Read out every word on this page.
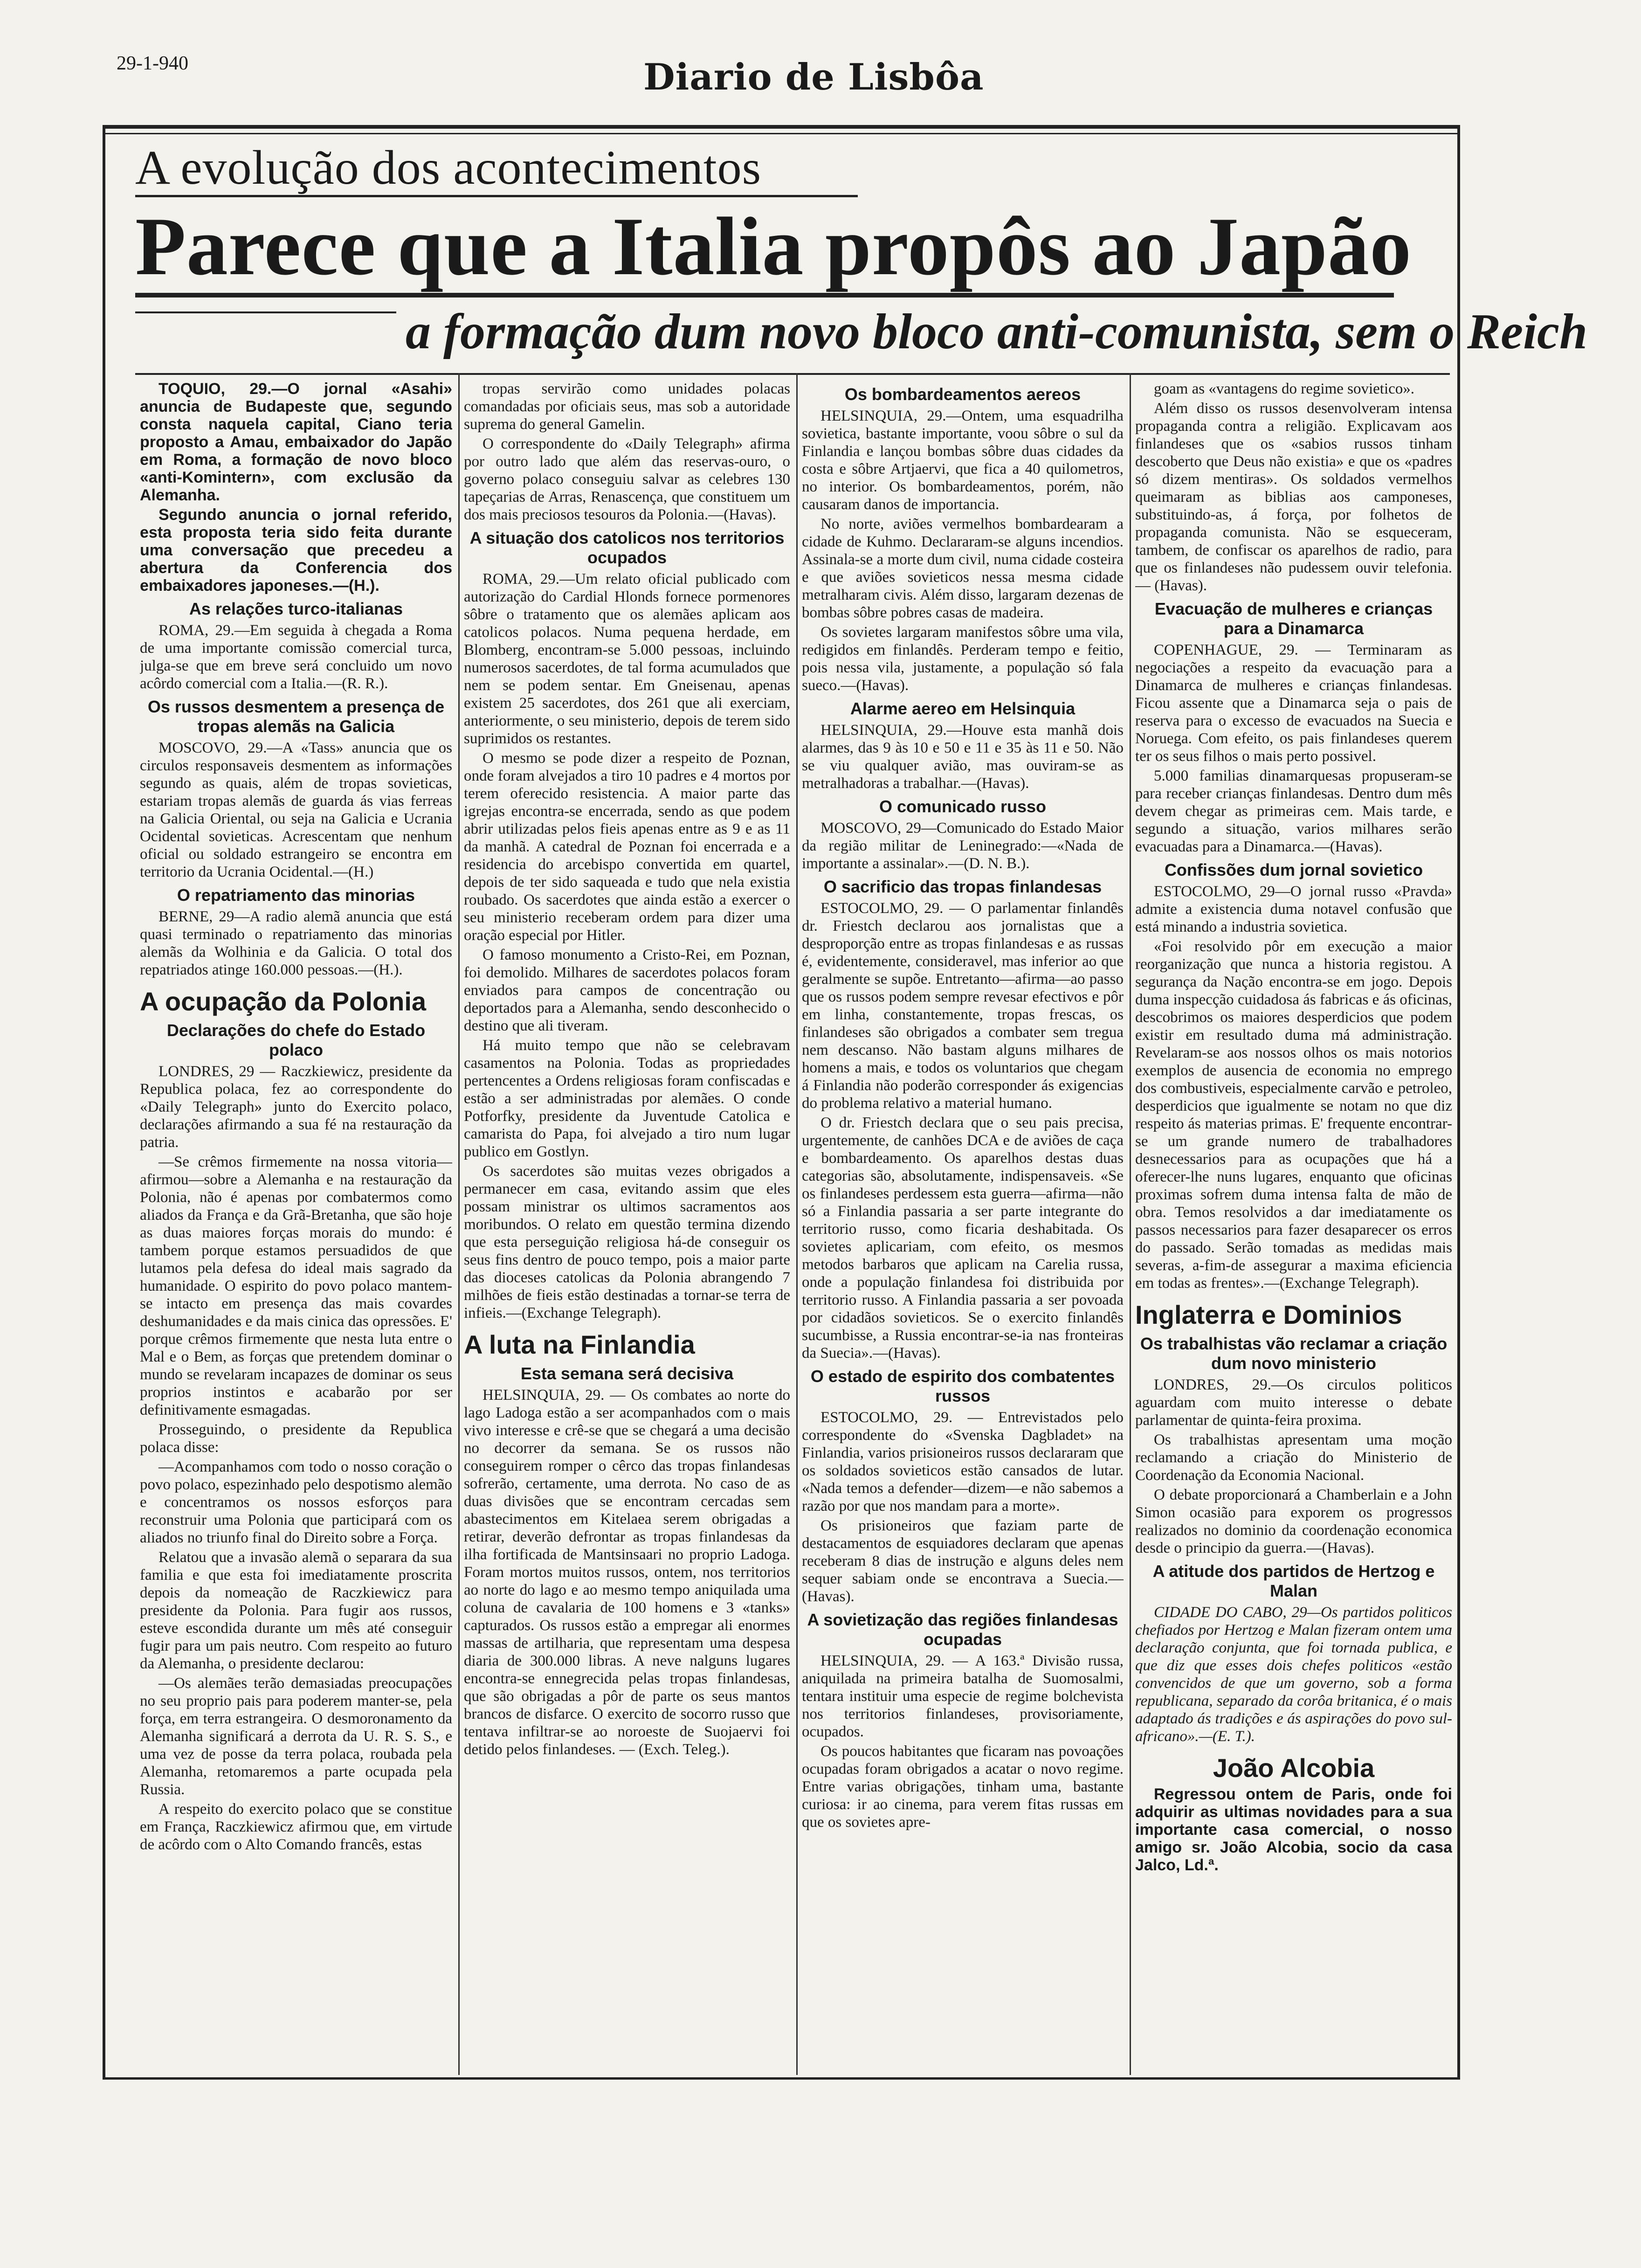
29-1-940	Diario de Lisbôa
A evolução dos acontecimentos
Parece que a Italia propôs ao Japão
a formação dum novo bloco anti-comunista, sem o Reich

TOQUIO, 29.—O jornal «Asahi» anuncia de Budapeste que, segundo consta naquela capital, Ciano teria proposto a Amau, embaixador do Japão em Roma, a formação de novo bloco «anti-Komintern», com exclusão da Alemanha.

Segundo anuncia o jornal referido, esta proposta teria sido feita durante uma conversação que precedeu a abertura da Conferencia dos embaixadores japoneses.—(H.).

As relações turco-italianas

ROMA, 29.—Em seguida à chegada a Roma de uma importante comissão comercial turca, julga-se que em breve será concluido um novo acôrdo comercial com a Italia.—(R. R.).

Os russos desmentem a presença de tropas alemãs na Galicia

MOSCOVO, 29.—A «Tass» anuncia que os circulos responsaveis desmentem as informações segundo as quais, além de tropas sovieticas, estariam tropas alemãs de guarda ás vias ferreas na Galicia Oriental, ou seja na Galicia e Ucrania Ocidental sovieticas. Acrescentam que nenhum oficial ou soldado estrangeiro se encontra em territorio da Ucrania Ocidental.—(H.)

O repatriamento das minorias

BERNE, 29—A radio alemã anuncia que está quasi terminado o repatriamento das minorias alemãs da Wolhinia e da Galicia. O total dos repatriados atinge 160.000 pessoas.—(H.).

A ocupação da Polonia
Declarações do chefe do Estado polaco

LONDRES, 29 — Raczkiewicz, presidente da Republica polaca, fez ao correspondente do «Daily Telegraph» junto do Exercito polaco, declarações afirmando a sua fé na restauração da patria.

—Se crêmos firmemente na nossa vitoria—afirmou—sobre a Alemanha e na restauração da Polonia, não é apenas por combatermos como aliados da França e da Grã-Bretanha, que são hoje as duas maiores forças morais do mundo: é tambem porque estamos persuadidos de que lutamos pela defesa do ideal mais sagrado da humanidade. O espirito do povo polaco mantem-se intacto em presença das mais covardes deshumanidades e da mais cinica das opressões. E' porque crêmos firmemente que nesta luta entre o Mal e o Bem, as forças que pretendem dominar o mundo se revelaram incapazes de dominar os seus proprios instintos e acabarão por ser definitivamente esmagadas.

Prosseguindo, o presidente da Republica polaca disse:

—Acompanhamos com todo o nosso coração o povo polaco, espezinhado pelo despotismo alemão e concentramos os nossos esforços para reconstruir uma Polonia que participará com os aliados no triunfo final do Direito sobre a Força.

Relatou que a invasão alemã o separara da sua familia e que esta foi imediatamente proscrita depois da nomeação de Raczkiewicz para presidente da Polonia. Para fugir aos russos, esteve escondida durante um mês até conseguir fugir para um pais neutro. Com respeito ao futuro da Alemanha, o presidente declarou:

—Os alemães terão demasiadas preocupações no seu proprio pais para poderem manter-se, pela força, em terra estrangeira. O desmoronamento da Alemanha significará a derrota da U. R. S. S., e uma vez de posse da terra polaca, roubada pela Alemanha, retomaremos a parte ocupada pela Russia.

A respeito do exercito polaco que se constitue em França, Raczkiewicz afirmou que, em virtude de acôrdo com o Alto Comando francês, estas

tropas servirão como unidades polacas comandadas por oficiais seus, mas sob a autoridade suprema do general Gamelin.

O correspondente do «Daily Telegraph» afirma por outro lado que além das reservas-ouro, o governo polaco conseguiu salvar as celebres 130 tapeçarias de Arras, Renascença, que constituem um dos mais preciosos tesouros da Polonia.—(Havas).

A situação dos catolicos nos territorios ocupados

ROMA, 29.—Um relato oficial publicado com autorização do Cardial Hlonds fornece pormenores sôbre o tratamento que os alemães aplicam aos catolicos polacos. Numa pequena herdade, em Blomberg, encontram-se 5.000 pessoas, incluindo numerosos sacerdotes, de tal forma acumulados que nem se podem sentar. Em Gneisenau, apenas existem 25 sacerdotes, dos 261 que ali exerciam, anteriormente, o seu ministerio, depois de terem sido suprimidos os restantes.

O mesmo se pode dizer a respeito de Poznan, onde foram alvejados a tiro 10 padres e 4 mortos por terem oferecido resistencia. A maior parte das igrejas encontra-se encerrada, sendo as que podem abrir utilizadas pelos fieis apenas entre as 9 e as 11 da manhã. A catedral de Poznan foi encerrada e a residencia do arcebispo convertida em quartel, depois de ter sido saqueada e tudo que nela existia roubado. Os sacerdotes que ainda estão a exercer o seu ministerio receberam ordem para dizer uma oração especial por Hitler.

O famoso monumento a Cristo-Rei, em Poznan, foi demolido. Milhares de sacerdotes polacos foram enviados para campos de concentração ou deportados para a Alemanha, sendo desconhecido o destino que ali tiveram.

Há muito tempo que não se celebravam casamentos na Polonia. Todas as propriedades pertencentes a Ordens religiosas foram confiscadas e estão a ser administradas por alemães. O conde Potforfky, presidente da Juventude Catolica e camarista do Papa, foi alvejado a tiro num lugar publico em Gostlyn.

Os sacerdotes são muitas vezes obrigados a permanecer em casa, evitando assim que eles possam ministrar os ultimos sacramentos aos moribundos. O relato em questão termina dizendo que esta perseguição religiosa há-de conseguir os seus fins dentro de pouco tempo, pois a maior parte das dioceses catolicas da Polonia abrangendo 7 milhões de fieis estão destinadas a tornar-se terra de infieis.—(Exchange Telegraph).

A luta na Finlandia
Esta semana será decisiva

HELSINQUIA, 29. — Os combates ao norte do lago Ladoga estão a ser acompanhados com o mais vivo interesse e crê-se que se chegará a uma decisão no decorrer da semana. Se os russos não conseguirem romper o cêrco das tropas finlandesas sofrerão, certamente, uma derrota. No caso de as duas divisões que se encontram cercadas sem abastecimentos em Kitelaea serem obrigadas a retirar, deverão defrontar as tropas finlandesas da ilha fortificada de Mantsinsaari no proprio Ladoga. Foram mortos muitos russos, ontem, nos territorios ao norte do lago e ao mesmo tempo aniquilada uma coluna de cavalaria de 100 homens e 3 «tanks» capturados. Os russos estão a empregar ali enormes massas de artilharia, que representam uma despesa diaria de 300.000 libras. A neve nalguns lugares encontra-se ennegrecida pelas tropas finlandesas, que são obrigadas a pôr de parte os seus mantos brancos de disfarce. O exercito de socorro russo que tentava infiltrar-se ao noroeste de Suojaervi foi detido pelos finlandeses. — (Exch. Teleg.).

Os bombardeamentos aereos

HELSINQUIA, 29.—Ontem, uma esquadrilha sovietica, bastante importante, voou sôbre o sul da Finlandia e lançou bombas sôbre duas cidades da costa e sôbre Artjaervi, que fica a 40 quilometros, no interior. Os bombardeamentos, porém, não causaram danos de importancia.

No norte, aviões vermelhos bombardearam a cidade de Kuhmo. Declararam-se alguns incendios. Assinala-se a morte dum civil, numa cidade costeira e que aviões sovieticos nessa mesma cidade metralharam civis. Além disso, largaram dezenas de bombas sôbre pobres casas de madeira.

Os sovietes largaram manifestos sôbre uma vila, redigidos em finlandês. Perderam tempo e feitio, pois nessa vila, justamente, a população só fala sueco.—(Havas).

Alarme aereo em Helsinquia

HELSINQUIA, 29.—Houve esta manhã dois alarmes, das 9 às 10 e 50 e 11 e 35 às 11 e 50. Não se viu qualquer avião, mas ouviram-se as metralhadoras a trabalhar.—(Havas).

O comunicado russo

MOSCOVO, 29—Comunicado do Estado Maior da região militar de Leninegrado:—«Nada de importante a assinalar».—(D. N. B.).

O sacrificio das tropas finlandesas

ESTOCOLMO, 29. — O parlamentar finlandês dr. Friestch declarou aos jornalistas que a desproporção entre as tropas finlandesas e as russas é, evidentemente, consideravel, mas inferior ao que geralmente se supõe. Entretanto—afirma—ao passo que os russos podem sempre revesar efectivos e pôr em linha, constantemente, tropas frescas, os finlandeses são obrigados a combater sem tregua nem descanso. Não bastam alguns milhares de homens a mais, e todos os voluntarios que chegam á Finlandia não poderão corresponder ás exigencias do problema relativo a material humano.

O dr. Friestch declara que o seu pais precisa, urgentemente, de canhões DCA e de aviões de caça e bombardeamento. Os aparelhos destas duas categorias são, absolutamente, indispensaveis. «Se os finlandeses perdessem esta guerra—afirma—não só a Finlandia passaria a ser parte integrante do territorio russo, como ficaria deshabitada. Os sovietes aplicariam, com efeito, os mesmos metodos barbaros que aplicam na Carelia russa, onde a população finlandesa foi distribuida por territorio russo. A Finlandia passaria a ser povoada por cidadãos sovieticos. Se o exercito finlandês sucumbisse, a Russia encontrar-se-ia nas fronteiras da Suecia».—(Havas).

O estado de espirito dos combatentes russos

ESTOCOLMO, 29. — Entrevistados pelo correspondente do «Svenska Dagbladet» na Finlandia, varios prisioneiros russos declararam que os soldados sovieticos estão cansados de lutar. «Nada temos a defender—dizem—e não sabemos a razão por que nos mandam para a morte».

Os prisioneiros que faziam parte de destacamentos de esquiadores declaram que apenas receberam 8 dias de instrução e alguns deles nem sequer sabiam onde se encontrava a Suecia.—(Havas).

A sovietização das regiões finlandesas ocupadas

HELSINQUIA, 29. — A 163.ª Divisão russa, aniquilada na primeira batalha de Suomosalmi, tentara instituir uma especie de regime bolchevista nos territorios finlandeses, provisoriamente, ocupados.

Os poucos habitantes que ficaram nas povoações ocupadas foram obrigados a acatar o novo regime. Entre varias obrigações, tinham uma, bastante curiosa: ir ao cinema, para verem fitas russas em que os sovietes apre-

goam as «vantagens do regime sovietico».

Além disso os russos desenvolveram intensa propaganda contra a religião. Explicavam aos finlandeses que os «sabios russos tinham descoberto que Deus não existia» e que os «padres só dizem mentiras». Os soldados vermelhos queimaram as biblias aos camponeses, substituindo-as, á força, por folhetos de propaganda comunista. Não se esqueceram, tambem, de confiscar os aparelhos de radio, para que os finlandeses não pudessem ouvir telefonia. — (Havas).

Evacuação de mulheres e crianças para a Dinamarca

COPENHAGUE, 29. — Terminaram as negociações a respeito da evacuação para a Dinamarca de mulheres e crianças finlandesas. Ficou assente que a Dinamarca seja o pais de reserva para o excesso de evacuados na Suecia e Noruega. Com efeito, os pais finlandeses querem ter os seus filhos o mais perto possivel.

5.000 familias dinamarquesas propuseram-se para receber crianças finlandesas. Dentro dum mês devem chegar as primeiras cem. Mais tarde, e segundo a situação, varios milhares serão evacuadas para a Dinamarca.—(Havas).

Confissões dum jornal sovietico

ESTOCOLMO, 29—O jornal russo «Pravda» admite a existencia duma notavel confusão que está minando a industria sovietica.

«Foi resolvido pôr em execução a maior reorganização que nunca a historia registou. A segurança da Nação encontra-se em jogo. Depois duma inspecção cuidadosa ás fabricas e ás oficinas, descobrimos os maiores desperdicios que podem existir em resultado duma má administração. Revelaram-se aos nossos olhos os mais notorios exemplos de ausencia de economia no emprego dos combustiveis, especialmente carvão e petroleo, desperdicios que igualmente se notam no que diz respeito ás materias primas. E' frequente encontrar-se um grande numero de trabalhadores desnecessarios para as ocupações que há a oferecer-lhe nuns lugares, enquanto que oficinas proximas sofrem duma intensa falta de mão de obra. Temos resolvidos a dar imediatamente os passos necessarios para fazer desaparecer os erros do passado. Serão tomadas as medidas mais severas, a-fim-de assegurar a maxima eficiencia em todas as frentes».—(Exchange Telegraph).

Inglaterra e Dominios
Os trabalhistas vão reclamar a criação dum novo ministerio

LONDRES, 29.—Os circulos politicos aguardam com muito interesse o debate parlamentar de quinta-feira proxima.

Os trabalhistas apresentam uma moção reclamando a criação do Ministerio de Coordenação da Economia Nacional.

O debate proporcionará a Chamberlain e a John Simon ocasião para exporem os progressos realizados no dominio da coordenação economica desde o principio da guerra.—(Havas).

A atitude dos partidos de Hertzog e Malan

CIDADE DO CABO, 29—Os partidos politicos chefiados por Hertzog e Malan fizeram ontem uma declaração conjunta, que foi tornada publica, e que diz que esses dois chefes politicos «estão convencidos de que um governo, sob a forma republicana, separado da corôa britanica, é o mais adaptado ás tradições e ás aspirações do povo sul-africano».—(E. T.).

João Alcobia

Regressou ontem de Paris, onde foi adquirir as ultimas novidades para a sua importante casa comercial, o nosso amigo sr. João Alcobia, socio da casa Jalco, Ld.ª.
